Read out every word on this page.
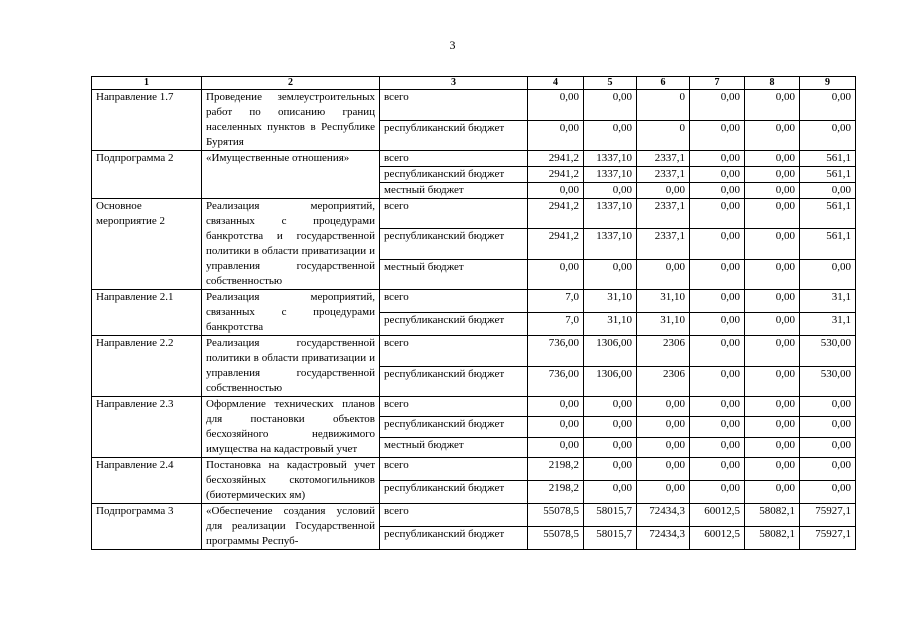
3
1	2	3	4	5	6	7	8	9
Направление 1.7	Проведение землеустроительных работ по описанию границ населенных пунктов в Республике Бурятия	всего	0,00	0,00	0	0,00	0,00	0,00
		республиканский бюджет	0,00	0,00	0	0,00	0,00	0,00
Подпрограмма 2	«Имущественные отношения»	всего	2941,2	1337,10	2337,1	0,00	0,00	561,1
		республиканский бюджет	2941,2	1337,10	2337,1	0,00	0,00	561,1
		местный бюджет	0,00	0,00	0,00	0,00	0,00	0,00
Основное мероприятие 2	Реализация мероприятий, связанных с процедурами банкротства и государственной политики в области приватизации и управления государственной собственностью	всего	2941,2	1337,10	2337,1	0,00	0,00	561,1
		республиканский бюджет	2941,2	1337,10	2337,1	0,00	0,00	561,1
		местный бюджет	0,00	0,00	0,00	0,00	0,00	0,00
Направление 2.1	Реализация мероприятий, связанных с процедурами банкротства	всего	7,0	31,10	31,10	0,00	0,00	31,1
		республиканский бюджет	7,0	31,10	31,10	0,00	0,00	31,1
Направление 2.2	Реализация государственной политики в области приватизации и управления государственной собственностью	всего	736,00	1306,00	2306	0,00	0,00	530,00
		республиканский бюджет	736,00	1306,00	2306	0,00	0,00	530,00
Направление 2.3	Оформление технических планов для постановки объектов бесхозяйного недвижимого имущества на кадастровый учет	всего	0,00	0,00	0,00	0,00	0,00	0,00
		республиканский бюджет	0,00	0,00	0,00	0,00	0,00	0,00
		местный бюджет	0,00	0,00	0,00	0,00	0,00	0,00
Направление 2.4	Постановка на кадастровый учет бесхозяйных скотомогильников (биотермических ям)	всего	2198,2	0,00	0,00	0,00	0,00	0,00
		республиканский бюджет	2198,2	0,00	0,00	0,00	0,00	0,00
Подпрограмма 3	«Обеспечение создания условий для реализации Государственной программы Респуб-	всего	55078,5	58015,7	72434,3	60012,5	58082,1	75927,1
		республиканский бюджет	55078,5	58015,7	72434,3	60012,5	58082,1	75927,1
